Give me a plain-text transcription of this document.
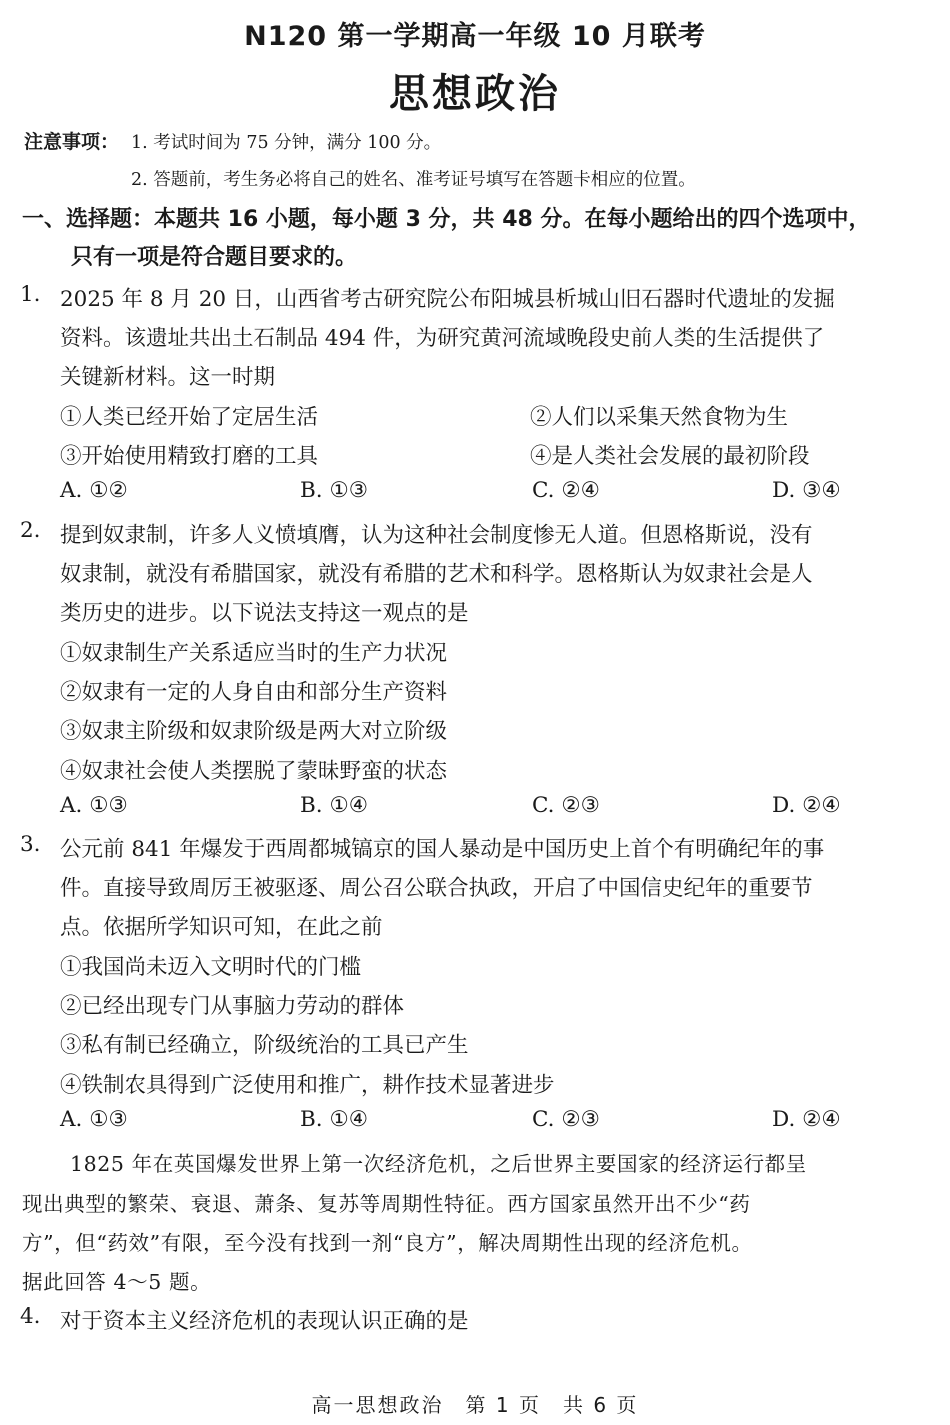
N120 第一学期高一年级 10 月联考
思想政治
注意事项： 1. 考试时间为 75 分钟，满分 100 分。
2. 答题前，考生务必将自己的姓名、准考证号填写在答题卡相应的位置。
一、选择题：本题共 16 小题，每小题 3 分，共 48 分。在每小题给出的四个选项中，
只有一项是符合题目要求的。
1. 2025 年 8 月 20 日，山西省考古研究院公布阳城县析城山旧石器时代遗址的发掘
资料。该遗址共出土石制品 494 件，为研究黄河流域晚段史前人类的生活提供了
关键新材料。这一时期
①人类已经开始了定居生活	②人们以采集天然食物为生
③开始使用精致打磨的工具	④是人类社会发展的最初阶段
A. ①②	B. ①③	C. ②④	D. ③④
2. 提到奴隶制，许多人义愤填膺，认为这种社会制度惨无人道。但恩格斯说，没有
奴隶制，就没有希腊国家，就没有希腊的艺术和科学。恩格斯认为奴隶社会是人
类历史的进步。以下说法支持这一观点的是
①奴隶制生产关系适应当时的生产力状况
②奴隶有一定的人身自由和部分生产资料
③奴隶主阶级和奴隶阶级是两大对立阶级
④奴隶社会使人类摆脱了蒙昧野蛮的状态
A. ①③	B. ①④	C. ②③	D. ②④
3. 公元前 841 年爆发于西周都城镐京的国人暴动是中国历史上首个有明确纪年的事
件。直接导致周厉王被驱逐、周公召公联合执政，开启了中国信史纪年的重要节
点。依据所学知识可知，在此之前
①我国尚未迈入文明时代的门槛
②已经出现专门从事脑力劳动的群体
③私有制已经确立，阶级统治的工具已产生
④铁制农具得到广泛使用和推广，耕作技术显著进步
A. ①③	B. ①④	C. ②③	D. ②④
1825 年在英国爆发世界上第一次经济危机，之后世界主要国家的经济运行都呈
现出典型的繁荣、衰退、萧条、复苏等周期性特征。西方国家虽然开出不少“药
方”，但“药效”有限，至今没有找到一剂“良方”，解决周期性出现的经济危机。
据此回答 4～5 题。
4. 对于资本主义经济危机的表现认识正确的是
高一思想政治　第 1 页　共 6 页
